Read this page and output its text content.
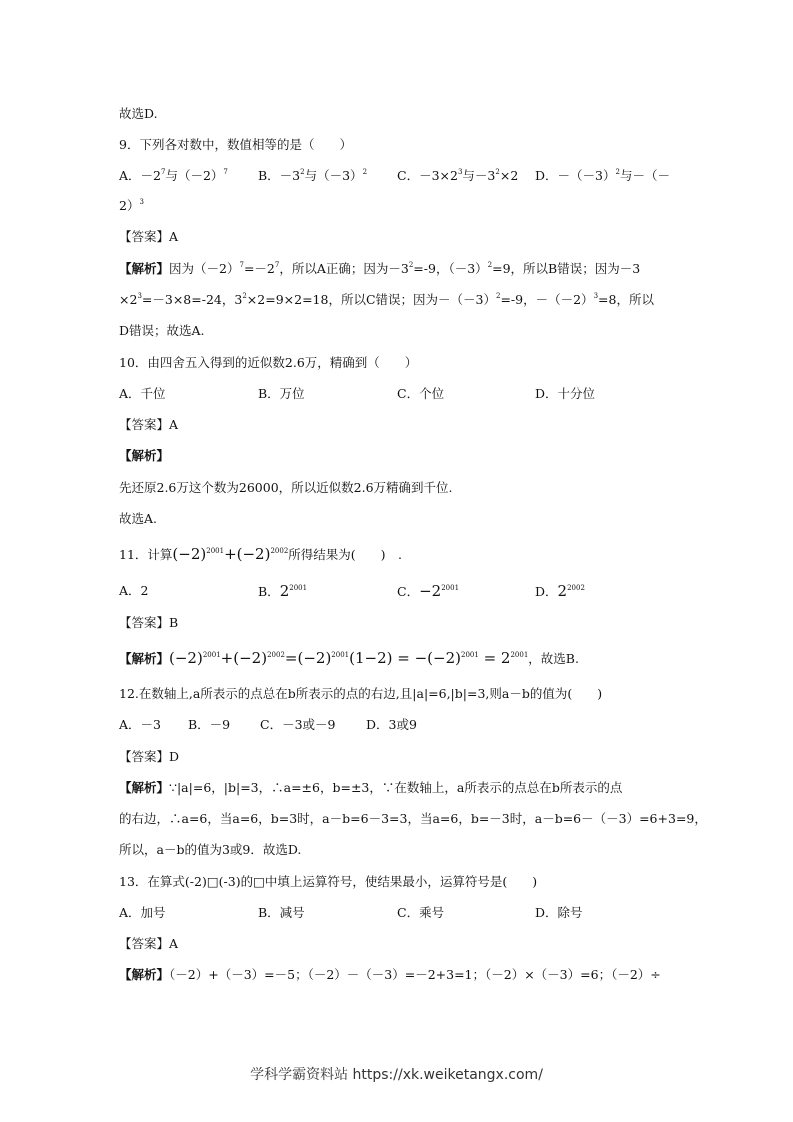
故选D.
9．下列各对数中，数值相等的是（　　）
A．$-2^7$与$(-2)^7$ B．$-3^2$与$(-3)^2$ C．$-3\times 2^3$与$-3^2\times 2$ D．$-(-3)^2$与－（－
2）$^3$
【答案】A
【解析】因为$(-2)^7=-2^7$，所以A正确；因为$-3^2=-9$，$(-3)^2=9$，所以B错误；因为－3
$\times 2^3=-3\times 8=-24$，$3^2\times 2=9\times 2=18$，所以C错误；因为$-(-3)^2=-9$，$-(-2)^3=8$，所以
D错误；故选A.
10．由四舍五入得到的近似数2.6万，精确到（　　）
A．千位	B．万位	C．个位	D．十分位
【答案】A
【解析】
先还原2.6万这个数为26000，所以近似数2.6万精确到千位.
故选A.
11．计算$(-2)^{2001}+(-2)^{2002}$所得结果为(　　)　.
A．2	B．$2^{2001}$	C．$-2^{2001}$	D．$2^{2002}$
【答案】B
【解析】$(-2)^{2001}+(-2)^{2002}=(-2)^{2001}(1-2) = -(-2)^{2001} = 2^{2001}$，故选B.
12.在数轴上,a所表示的点总在b所表示的点的右边,且|a|=6,|b|=3,则a－b的值为(　　)
A．－3 B．－9 C．－3或－9 D．3或9
【答案】D
【解析】∵|a|=6，|b|=3，∴a=±6，b=±3，∵在数轴上，a所表示的点总在b所表示的点
的右边，∴a=6，当a=6，b=3时，a－b=6－3=3，当a=6，b=－3时，a－b=6－（－3）=6+3=9，
所以，a－b的值为3或9．故选D.
13．在算式(-2)□(-3)的□中填上运算符号，使结果最小，运算符号是(　　)
A．加号	B．减号	C．乘号	D．除号
【答案】A
【解析】（－2）+（－3）=－5；（－2）－（－3）=－2+3=1；（－2）×（－3）=6；（－2）÷
学科学霸资料站 https://xk.weiketangx.com/
